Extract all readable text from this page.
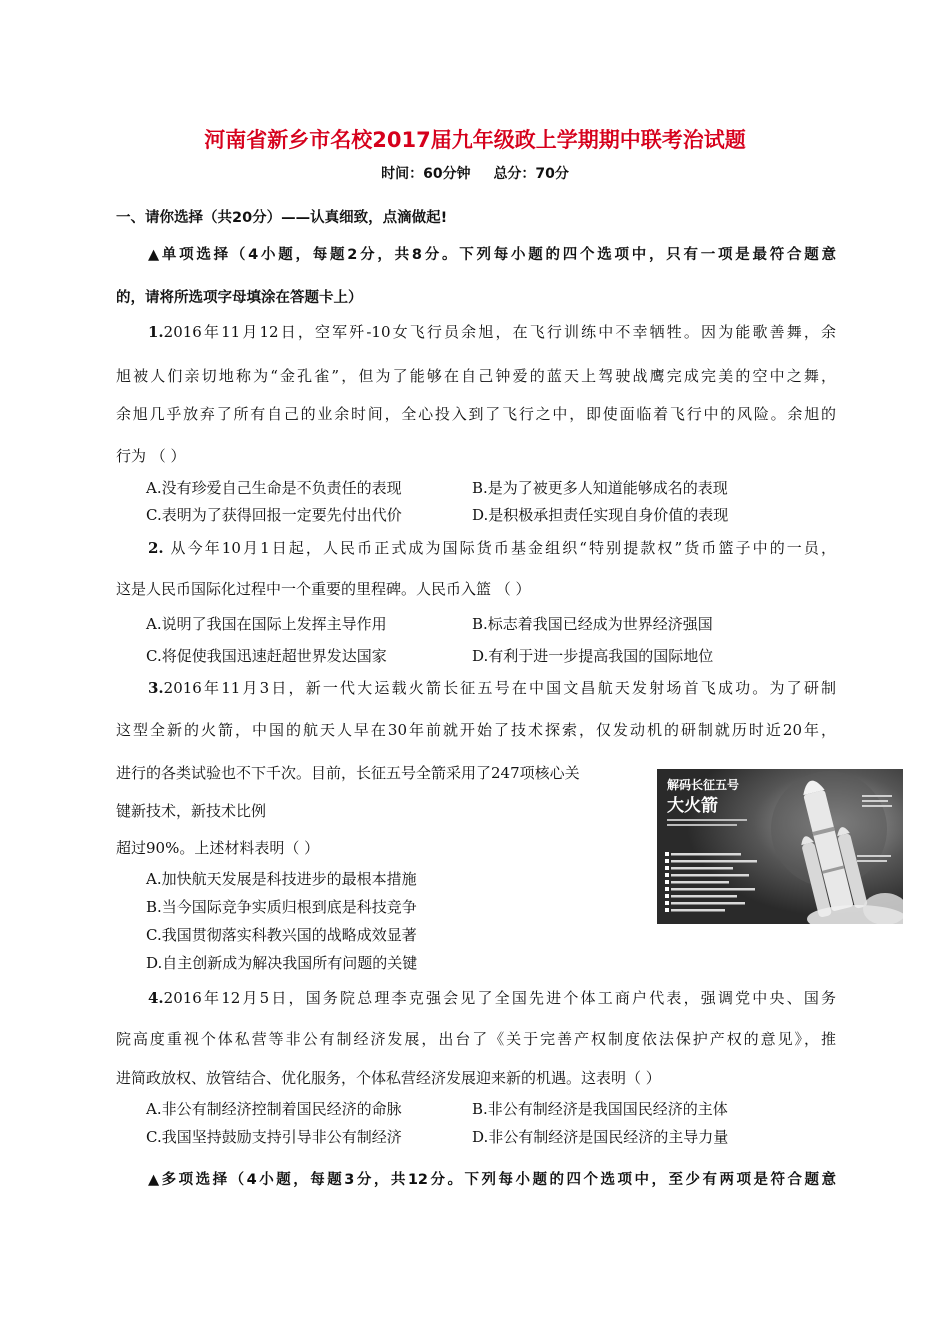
河南省新乡市名校2017届九年级政上学期期中联考治试题
时间：60分钟 总分：70分
一、请你选择（共20分）——认真细致，点滴做起!
▲单项选择（4小题，每题2分，共8分。下列每小题的四个选项中，只有一项是最符合题意
的，请将所选项字母填涂在答题卡上）
1.2016年11月12日，空军歼-10女飞行员余旭，在飞行训练中不幸牺牲。因为能歌善舞，余
旭被人们亲切地称为“金孔雀”，但为了能够在自己钟爱的蓝天上驾驶战鹰完成完美的空中之舞，
余旭几乎放弃了所有自己的业余时间，全心投入到了飞行之中，即使面临着飞行中的风险。余旭的
行为 （ ）
A.没有珍爱自己生命是不负责任的表现	B.是为了被更多人知道能够成名的表现
C.表明为了获得回报一定要先付出代价	D.是积极承担责任实现自身价值的表现
2. 从今年10月1日起，人民币正式成为国际货币基金组织“特别提款权”货币篮子中的一员，
这是人民币国际化过程中一个重要的里程碑。人民币入篮 （ ）
A.说明了我国在国际上发挥主导作用	B.标志着我国已经成为世界经济强国
C.将促使我国迅速赶超世界发达国家	D.有利于进一步提高我国的国际地位
3.2016年11月3日，新一代大运载火箭长征五号在中国文昌航天发射场首飞成功。为了研制
这型全新的火箭，中国的航天人早在30年前就开始了技术探索，仅发动机的研制就历时近20年，
进行的各类试验也不下千次。目前，长征五号全箭采用了247项核心关
键新技术，新技术比例
超过90%。上述材料表明（ ）
A.加快航天发展是科技进步的最根本措施
B.当今国际竞争实质归根到底是科技竞争
C.我国贯彻落实科教兴国的战略成效显著
D.自主创新成为解决我国所有问题的关键
解码长征五号
大火箭
4.2016年12月5日，国务院总理李克强会见了全国先进个体工商户代表，强调党中央、国务
院高度重视个体私营等非公有制经济发展，出台了《关于完善产权制度依法保护产权的意见》，推
进简政放权、放管结合、优化服务，个体私营经济发展迎来新的机遇。这表明（ ）
A.非公有制经济控制着国民经济的命脉	B.非公有制经济是我国国民经济的主体
C.我国坚持鼓励支持引导非公有制经济	D.非公有制经济是国民经济的主导力量
▲多项选择（4小题，每题3分，共12分。下列每小题的四个选项中，至少有两项是符合题意
